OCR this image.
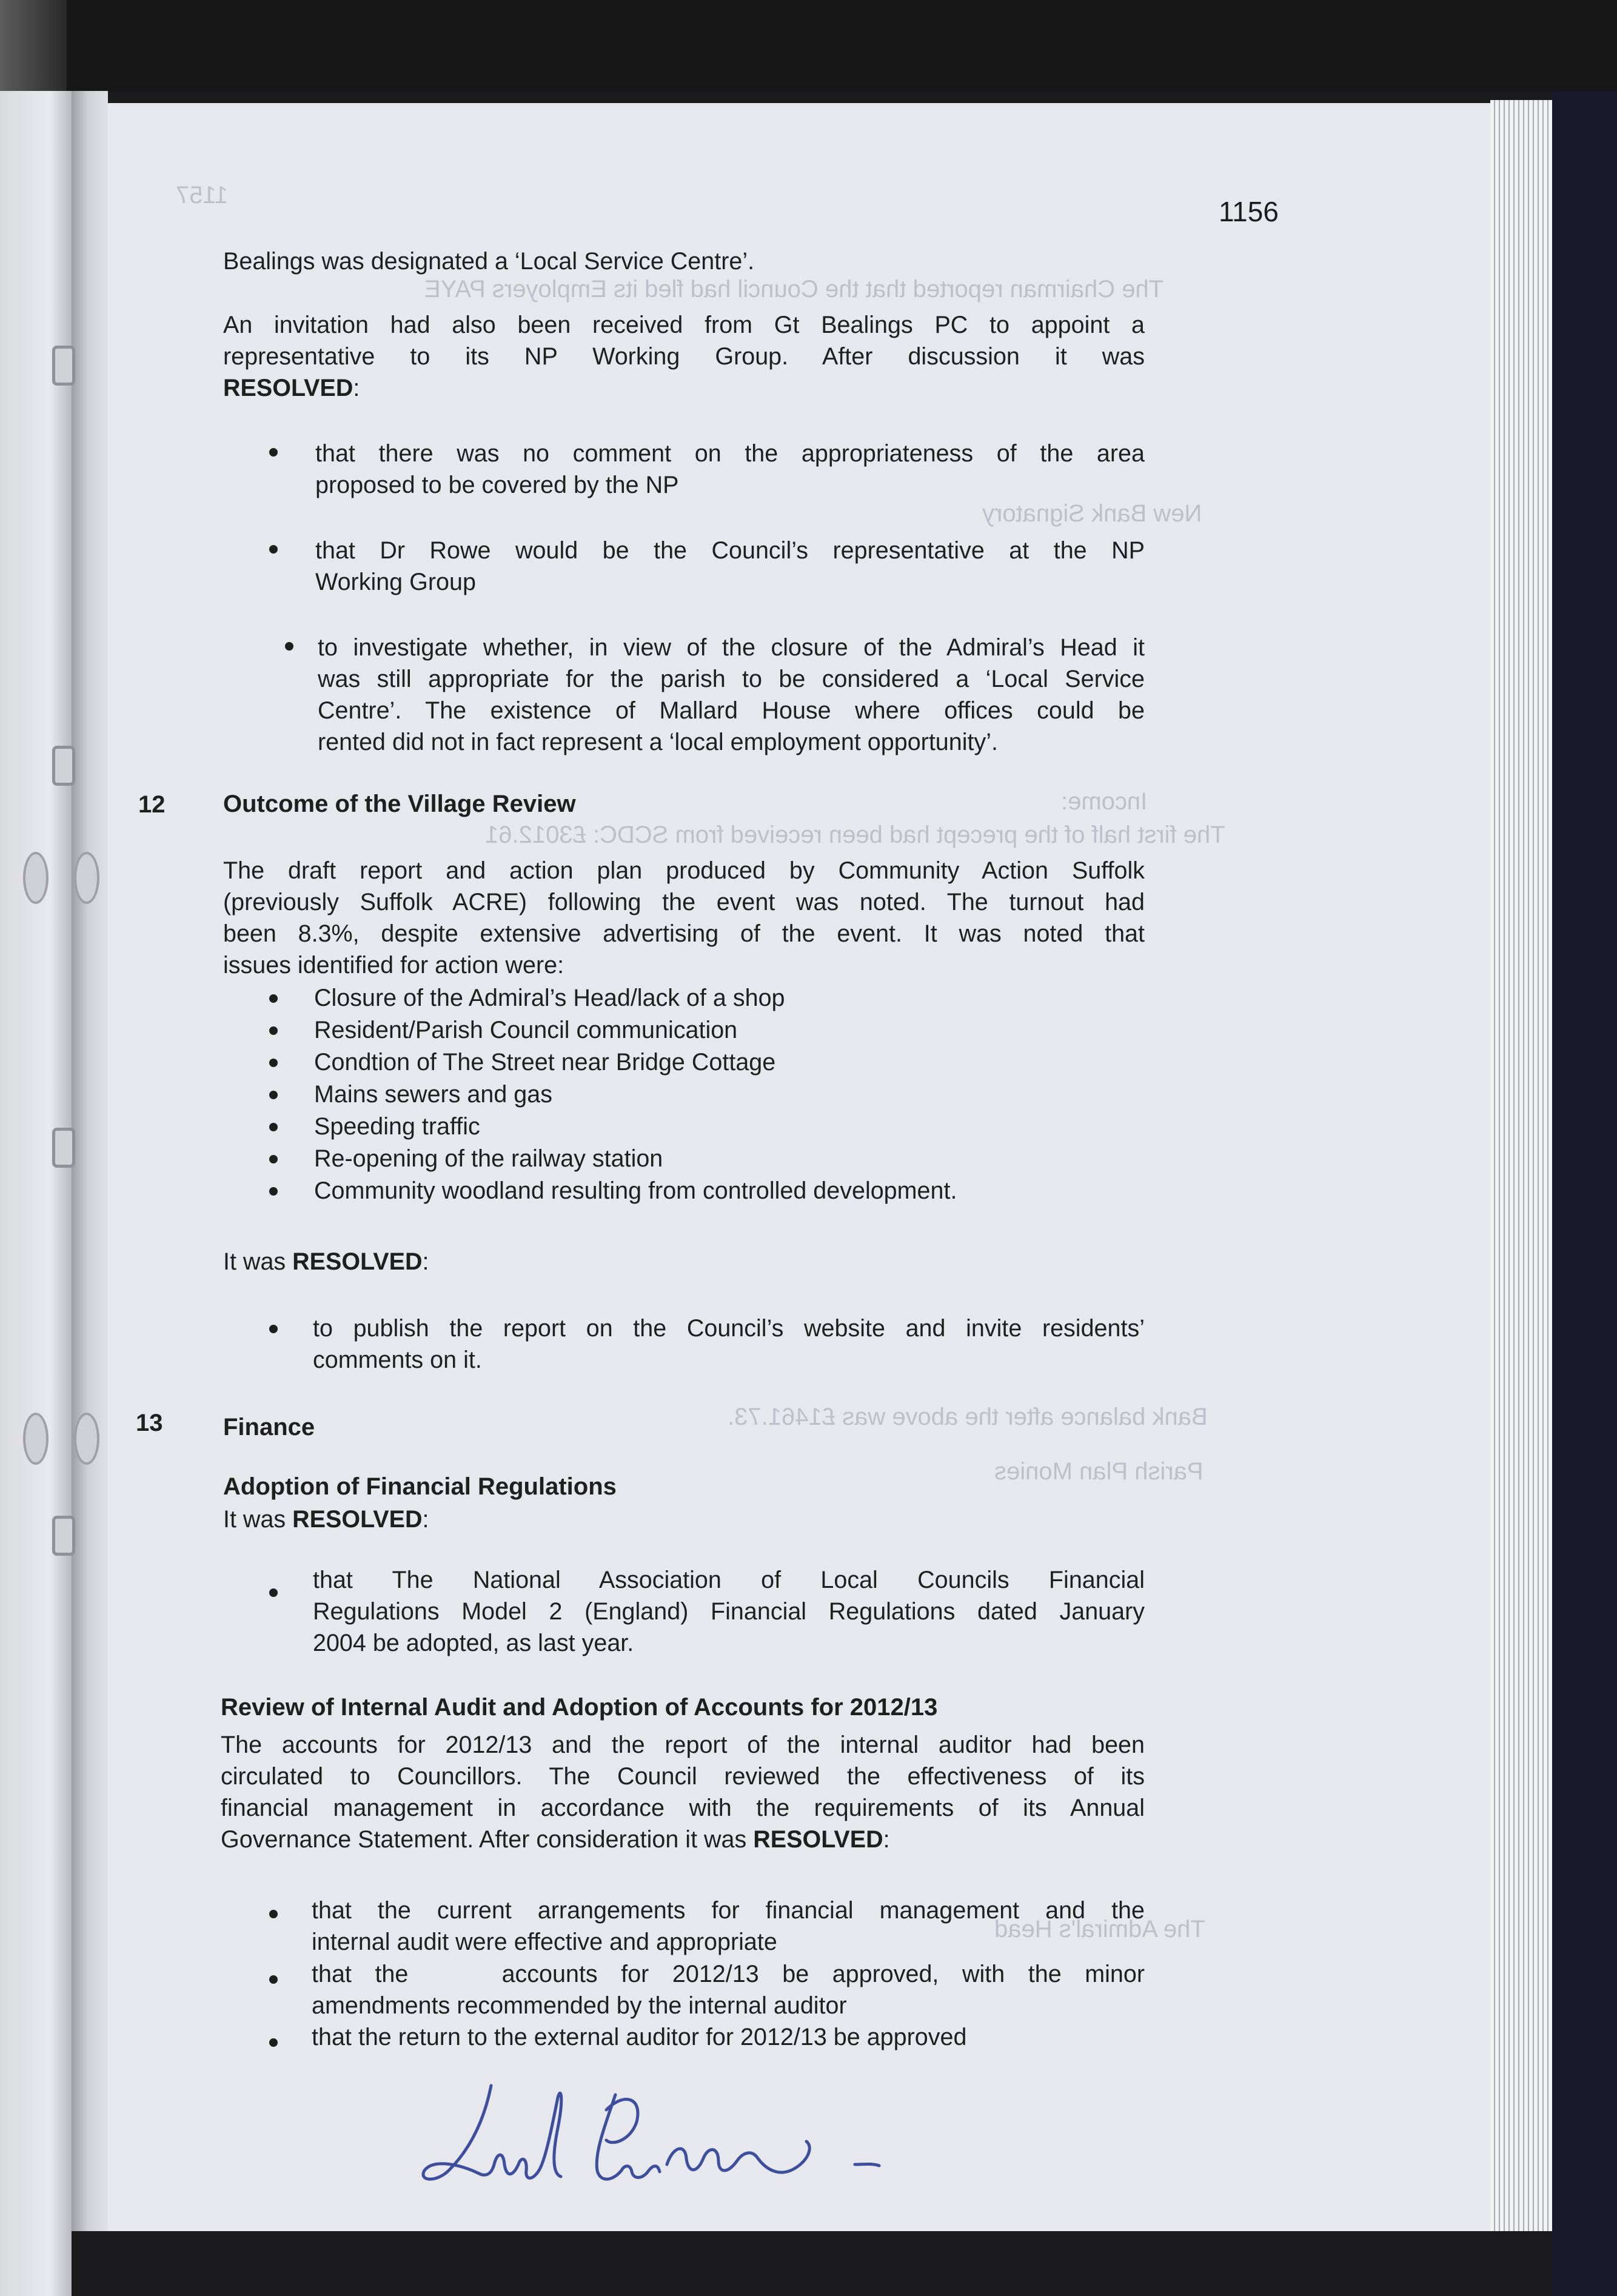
1157
The Chairman reported that the Council had fled its Employers PAYE
New Bank Signatory
Income:
The first half of the precept had been received from SCDC: £3012.61
Bank balance after the above was £1461.73.
Parish Plan Monies
The Admiral's Head
1156
Bealings was designated a ‘Local Service Centre’.
An invitation had also been received from Gt Bealings PC to appoint a
representative to its NP Working Group. After discussion it was
RESOLVED:
that there was no comment on the appropriateness of the area
proposed to be covered by the NP
that Dr Rowe would be the Council’s representative at the NP
Working Group
to investigate whether, in view of the closure of the Admiral’s Head it
was still appropriate for the parish to be considered a ‘Local Service
Centre’. The existence of Mallard House where offices could be
rented did not in fact represent a ‘local employment opportunity’.
12 Outcome of the Village Review
The draft report and action plan produced by Community Action Suffolk
(previously Suffolk ACRE) following the event was noted. The turnout had
been 8.3%, despite extensive advertising of the event. It was noted that
issues identified for action were:
Closure of the Admiral’s Head/lack of a shop
Resident/Parish Council communication
Condtion of The Street near Bridge Cottage
Mains sewers and gas
Speeding traffic
Re-opening of the railway station
Community woodland resulting from controlled development.
It was RESOLVED:
to publish the report on the Council’s website and invite residents’
comments on it.
13 Finance
Adoption of Financial Regulations
It was RESOLVED:
that The National Association of Local Councils Financial
Regulations Model 2 (England) Financial Regulations dated January
2004 be adopted, as last year.
Review of Internal Audit and Adoption of Accounts for 2012/13
The accounts for 2012/13 and the report of the internal auditor had been
circulated to Councillors. The Council reviewed the effectiveness of its
financial management in accordance with the requirements of its Annual
Governance Statement. After consideration it was RESOLVED:
that the current arrangements for financial management and the
internal audit were effective and appropriate
that the    accounts for 2012/13 be approved, with the minor
amendments recommended by the internal auditor
that the return to the external auditor for 2012/13 be approved
